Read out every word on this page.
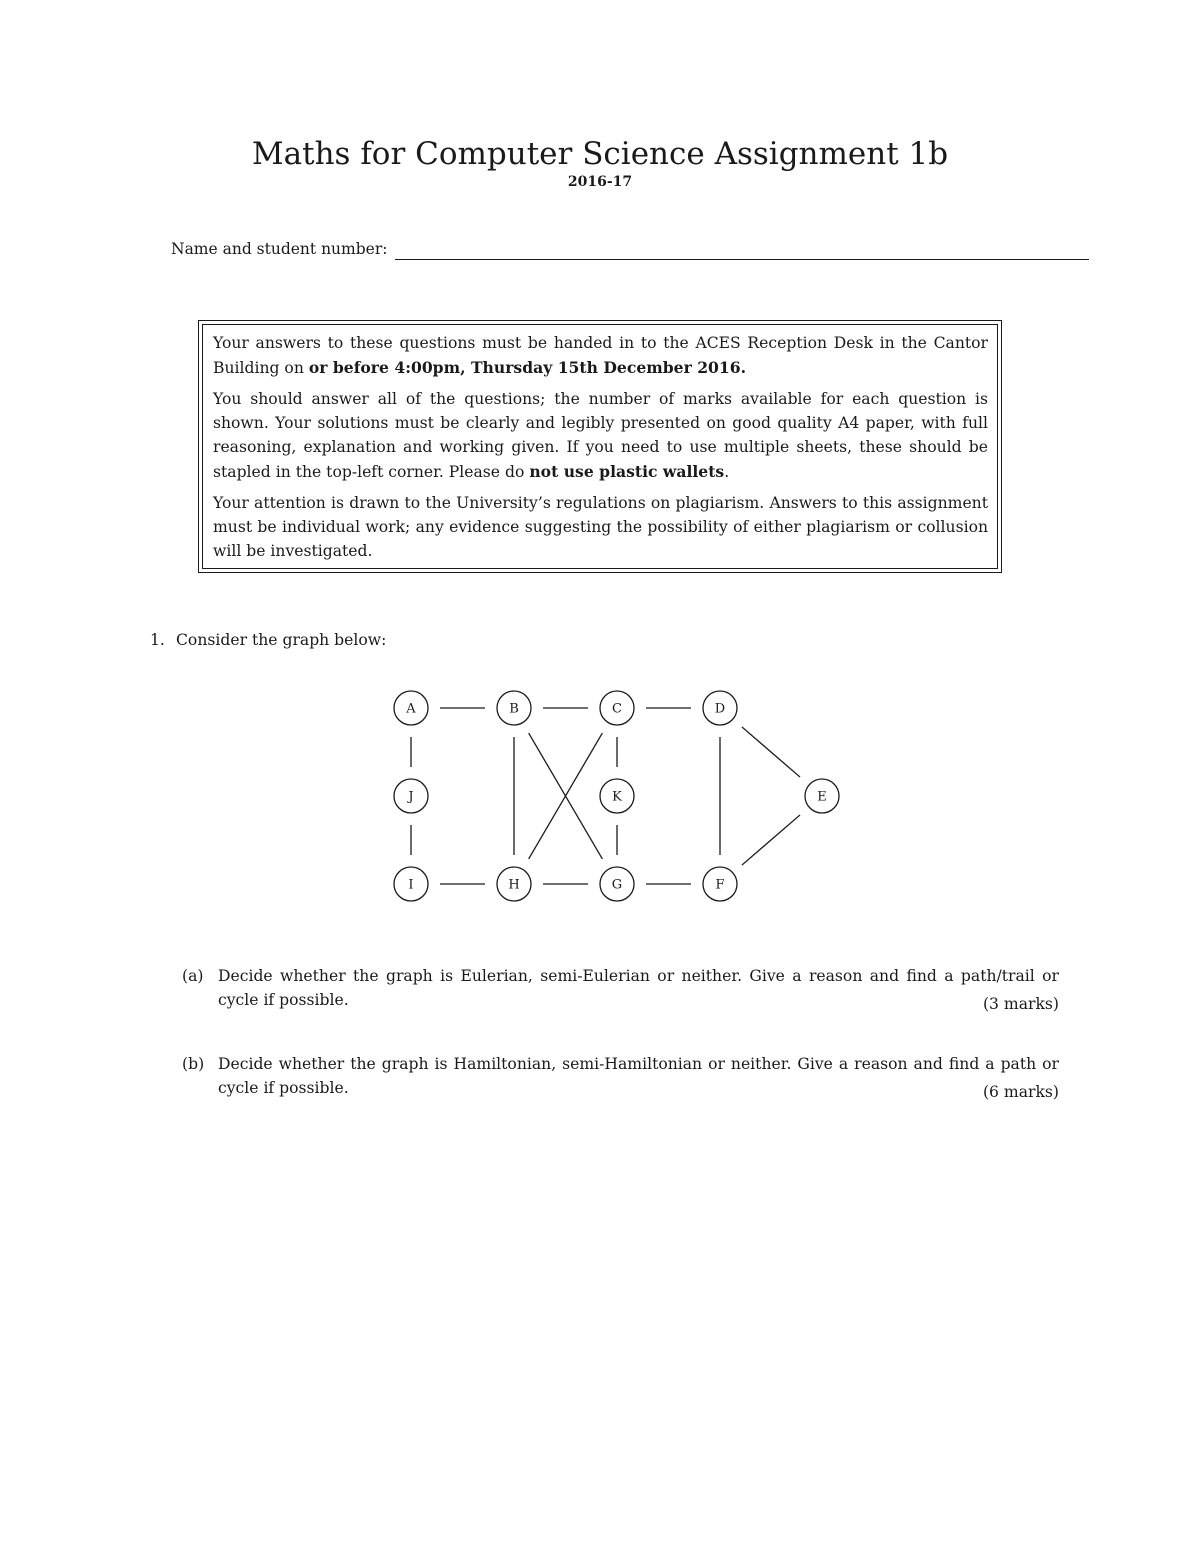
Maths for Computer Science Assignment 1b
2016-17
Name and student number:

Your answers to these questions must be handed in to the ACES Reception Desk in the Cantor Building on or before 4:00pm, Thursday 15th December 2016.

You should answer all of the questions; the number of marks available for each question is shown. Your solutions must be clearly and legibly presented on good quality A4 paper, with full reasoning, explanation and working given. If you need to use multiple sheets, these should be stapled in the top-left corner. Please do not use plastic wallets.

Your attention is drawn to the University’s regulations on plagiarism. Answers to this assignment must be individual work; any evidence suggesting the possibility of either plagiarism or collusion will be investigated.

1. Consider the graph below:
A	B	C	D
J	K	E
I	H	G	F
(a) Decide whether the graph is Eulerian, semi-Eulerian or neither. Give a reason and find a path/trail or cycle if possible.	(3 marks)
(b) Decide whether the graph is Hamiltonian, semi-Hamiltonian or neither. Give a reason and find a path or cycle if possible.	(6 marks)
